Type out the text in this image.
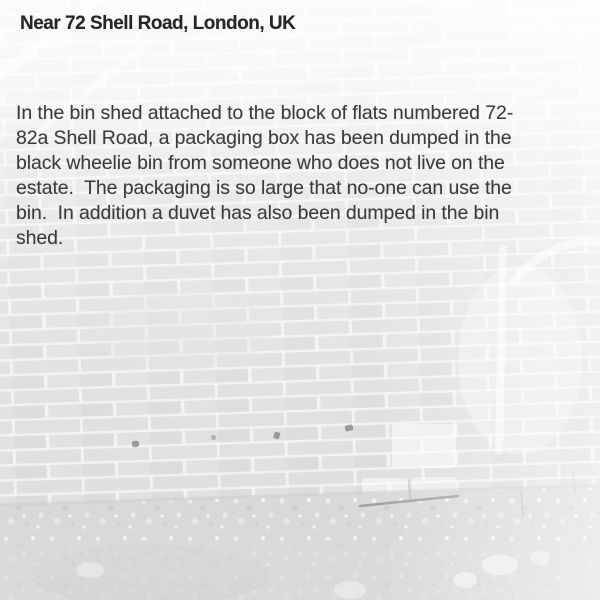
Near 72 Shell Road, London, UK

In the bin shed attached to the block of flats numbered 72-82a Shell Road, a packaging box has been dumped in the black wheelie bin from someone who does not live on the estate.  The packaging is so large that no-one can use the bin.  In addition a duvet has also been dumped in the bin shed.
